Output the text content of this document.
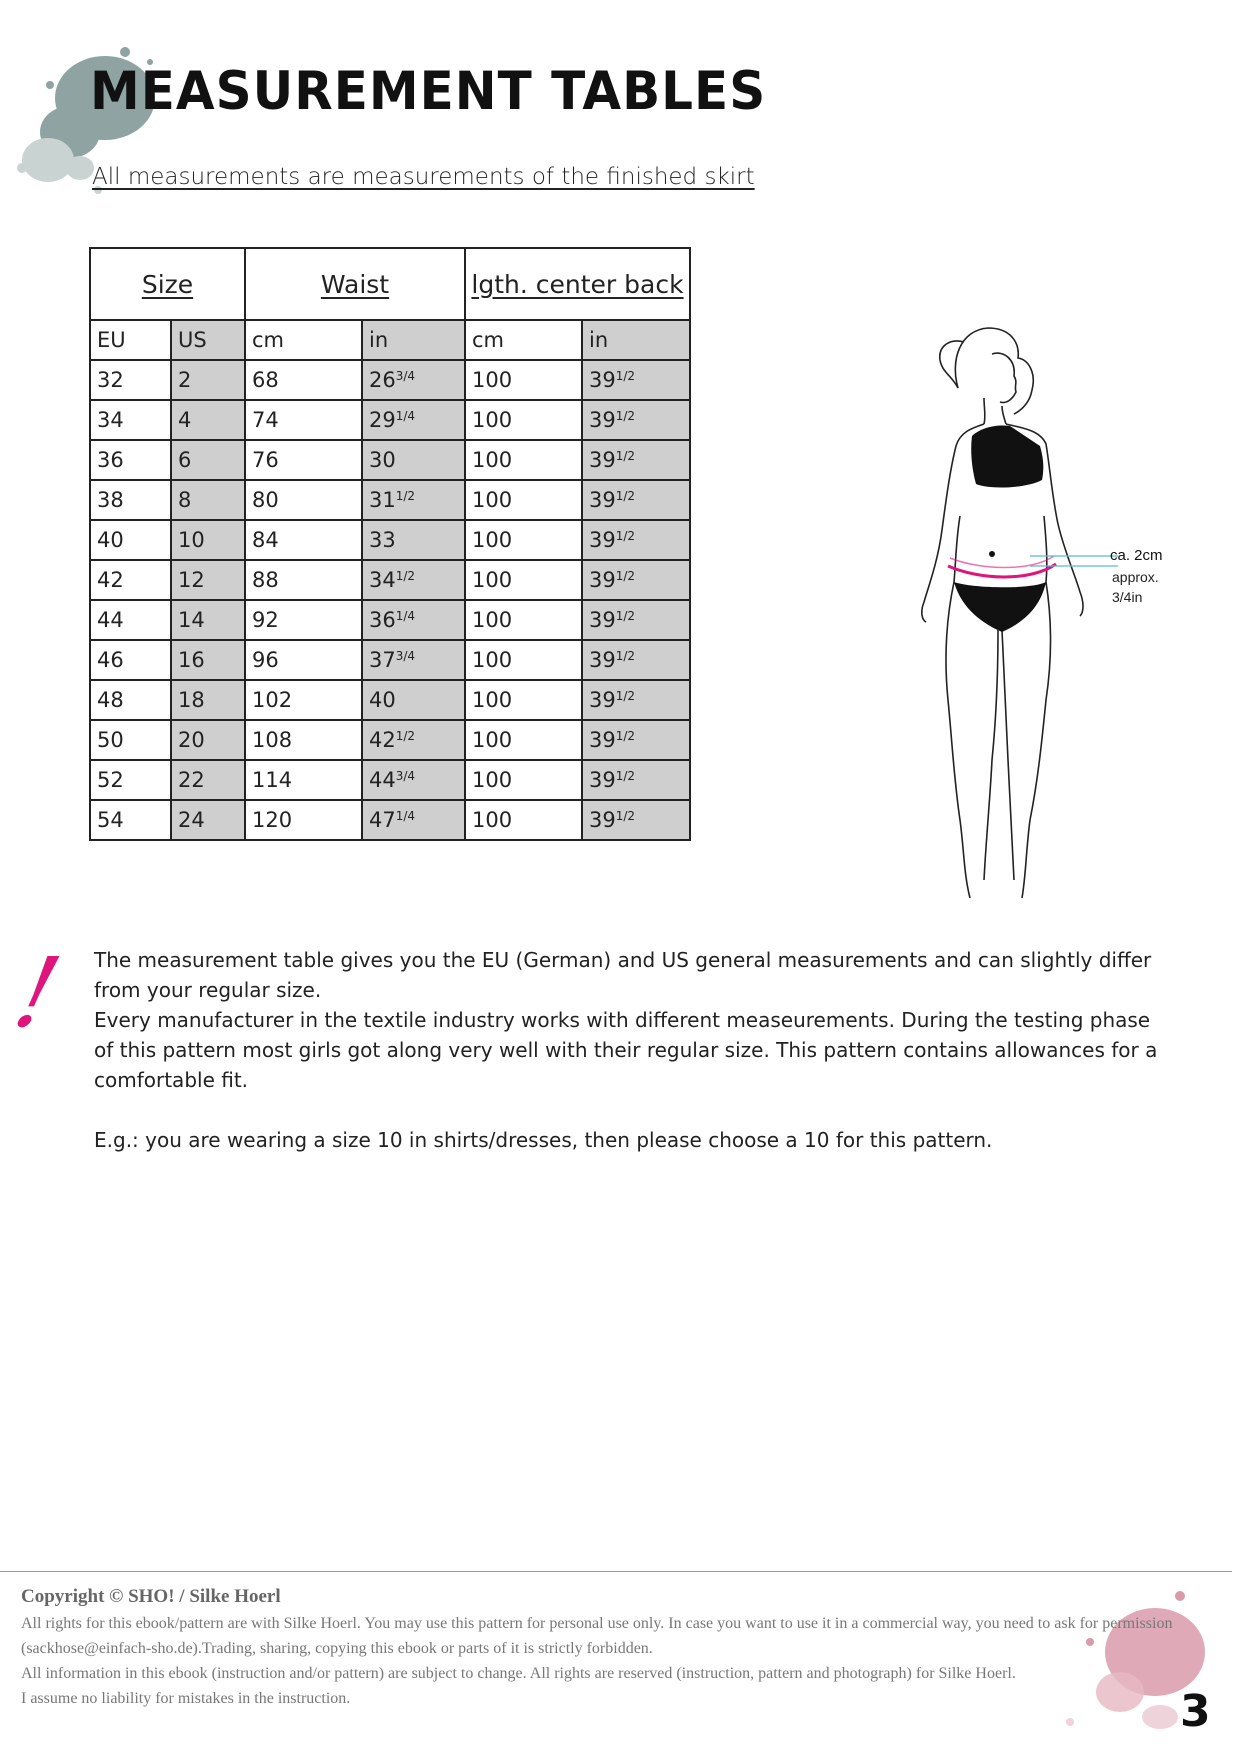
MEASUREMENT TABLES

All measurements are measurements of the finished skirt

Size		Waist		lgth. center back	
EU	US	cm	in	cm	in
32	2	68	$26^{3/4}$	100	$39^{1/2}$
34	4	74	$29^{1/4}$	100	$39^{1/2}$
36	6	76	30	100	$39^{1/2}$
38	8	80	$31^{1/2}$	100	$39^{1/2}$
40	10	84	33	100	$39^{1/2}$
42	12	88	$34^{1/2}$	100	$39^{1/2}$
44	14	92	$36^{1/4}$	100	$39^{1/2}$
46	16	96	$37^{3/4}$	100	$39^{1/2}$
48	18	102	40	100	$39^{1/2}$
50	20	108	$42^{1/2}$	100	$39^{1/2}$
52	22	114	$44^{3/4}$	100	$39^{1/2}$
54	24	120	$47^{1/4}$	100	$39^{1/2}$
ca. 2cm
approx.
3/4in
! The measurement table gives you the EU (German) and US general measurements and can slightly differ from your regular size.

Every manufacturer in the textile industry works with different measeurements. During the testing phase of this pattern most girls got along very well with their regular size. This pattern contains allowances for a comfortable fit.

E.g.: you are wearing a size 10 in shirts/dresses, then please choose a 10 for this pattern.

Copyright © SHO! / Silke Hoerl

All rights for this ebook/pattern are with Silke Hoerl. You may use this pattern for personal use only. In case you want to use it in a commercial way, you need to ask for permission (sackhose@einfach-sho.de).Trading, sharing, copying this ebook or parts of it is strictly forbidden.

All information in this ebook (instruction and/or pattern) are subject to change. All rights are reserved (instruction, pattern and photograph) for Silke Hoerl.

I assume no liability for mistakes in the instruction.	3
